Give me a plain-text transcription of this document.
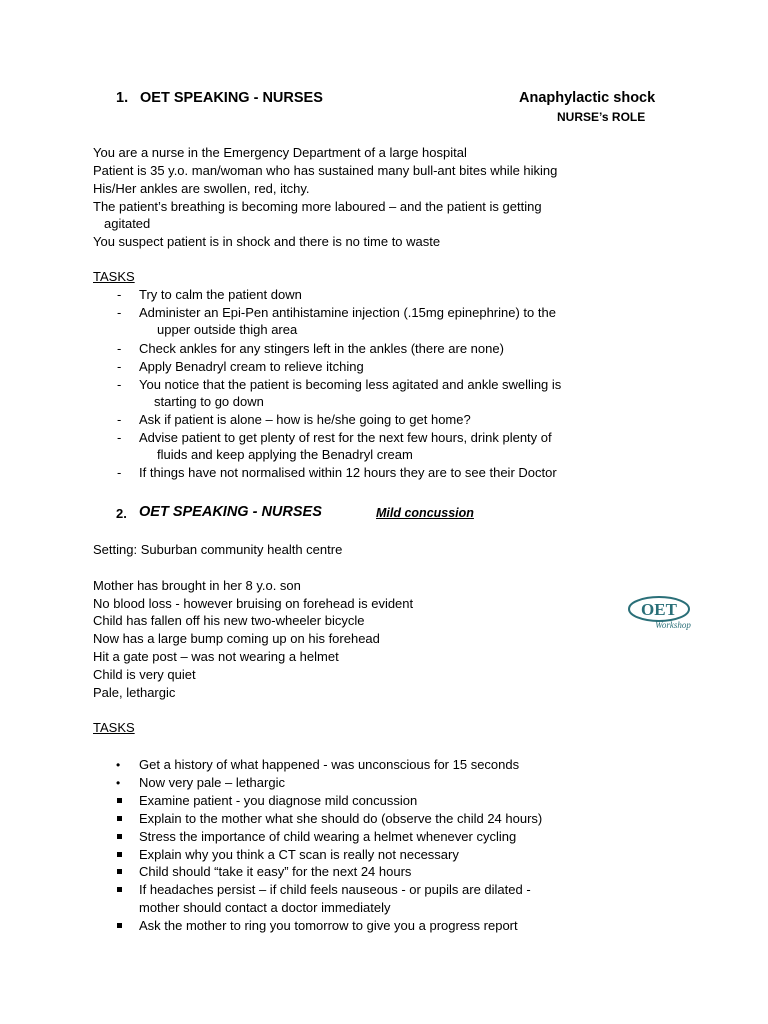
1. OET SPEAKING - NURSES	Anaphylactic shock
NURSE’s ROLE
You are a nurse in the Emergency Department of a large hospital
Patient is 35 y.o. man/woman who has sustained many bull-ant bites while hiking
His/Her ankles are swollen, red, itchy.
The patient’s breathing is becoming more laboured – and the patient is getting
agitated
You suspect patient is in shock and there is no time to waste
TASKS
- Try to calm the patient down
- Administer an Epi-Pen antihistamine injection (.15mg epinephrine) to the
upper outside thigh area
- Check ankles for any stingers left in the ankles (there are none)
- Apply Benadryl cream to relieve itching
- You notice that the patient is becoming less agitated and ankle swelling is
starting to go down
- Ask if patient is alone – how is he/she going to get home?
- Advise patient to get plenty of rest for the next few hours, drink plenty of
fluids and keep applying the Benadryl cream
- If things have not normalised within 12 hours they are to see their Doctor
2. OET SPEAKING - NURSES	Mild concussion
Setting: Suburban community health centre
Mother has brought in her 8 y.o. son
No blood loss - however bruising on forehead is evident
Child has fallen off his new two-wheeler bicycle
Now has a large bump coming up on his forehead
Hit a gate post – was not wearing a helmet
Child is very quiet
Pale, lethargic
OET
Workshop
TASKS
• Get a history of what happened - was unconscious for 15 seconds
• Now very pale – lethargic
Examine patient - you diagnose mild concussion
Explain to the mother what she should do (observe the child 24 hours)
Stress the importance of child wearing a helmet whenever cycling
Explain why you think a CT scan is really not necessary
Child should “take it easy” for the next 24 hours
If headaches persist – if child feels nauseous - or pupils are dilated -
mother should contact a doctor immediately
Ask the mother to ring you tomorrow to give you a progress report
